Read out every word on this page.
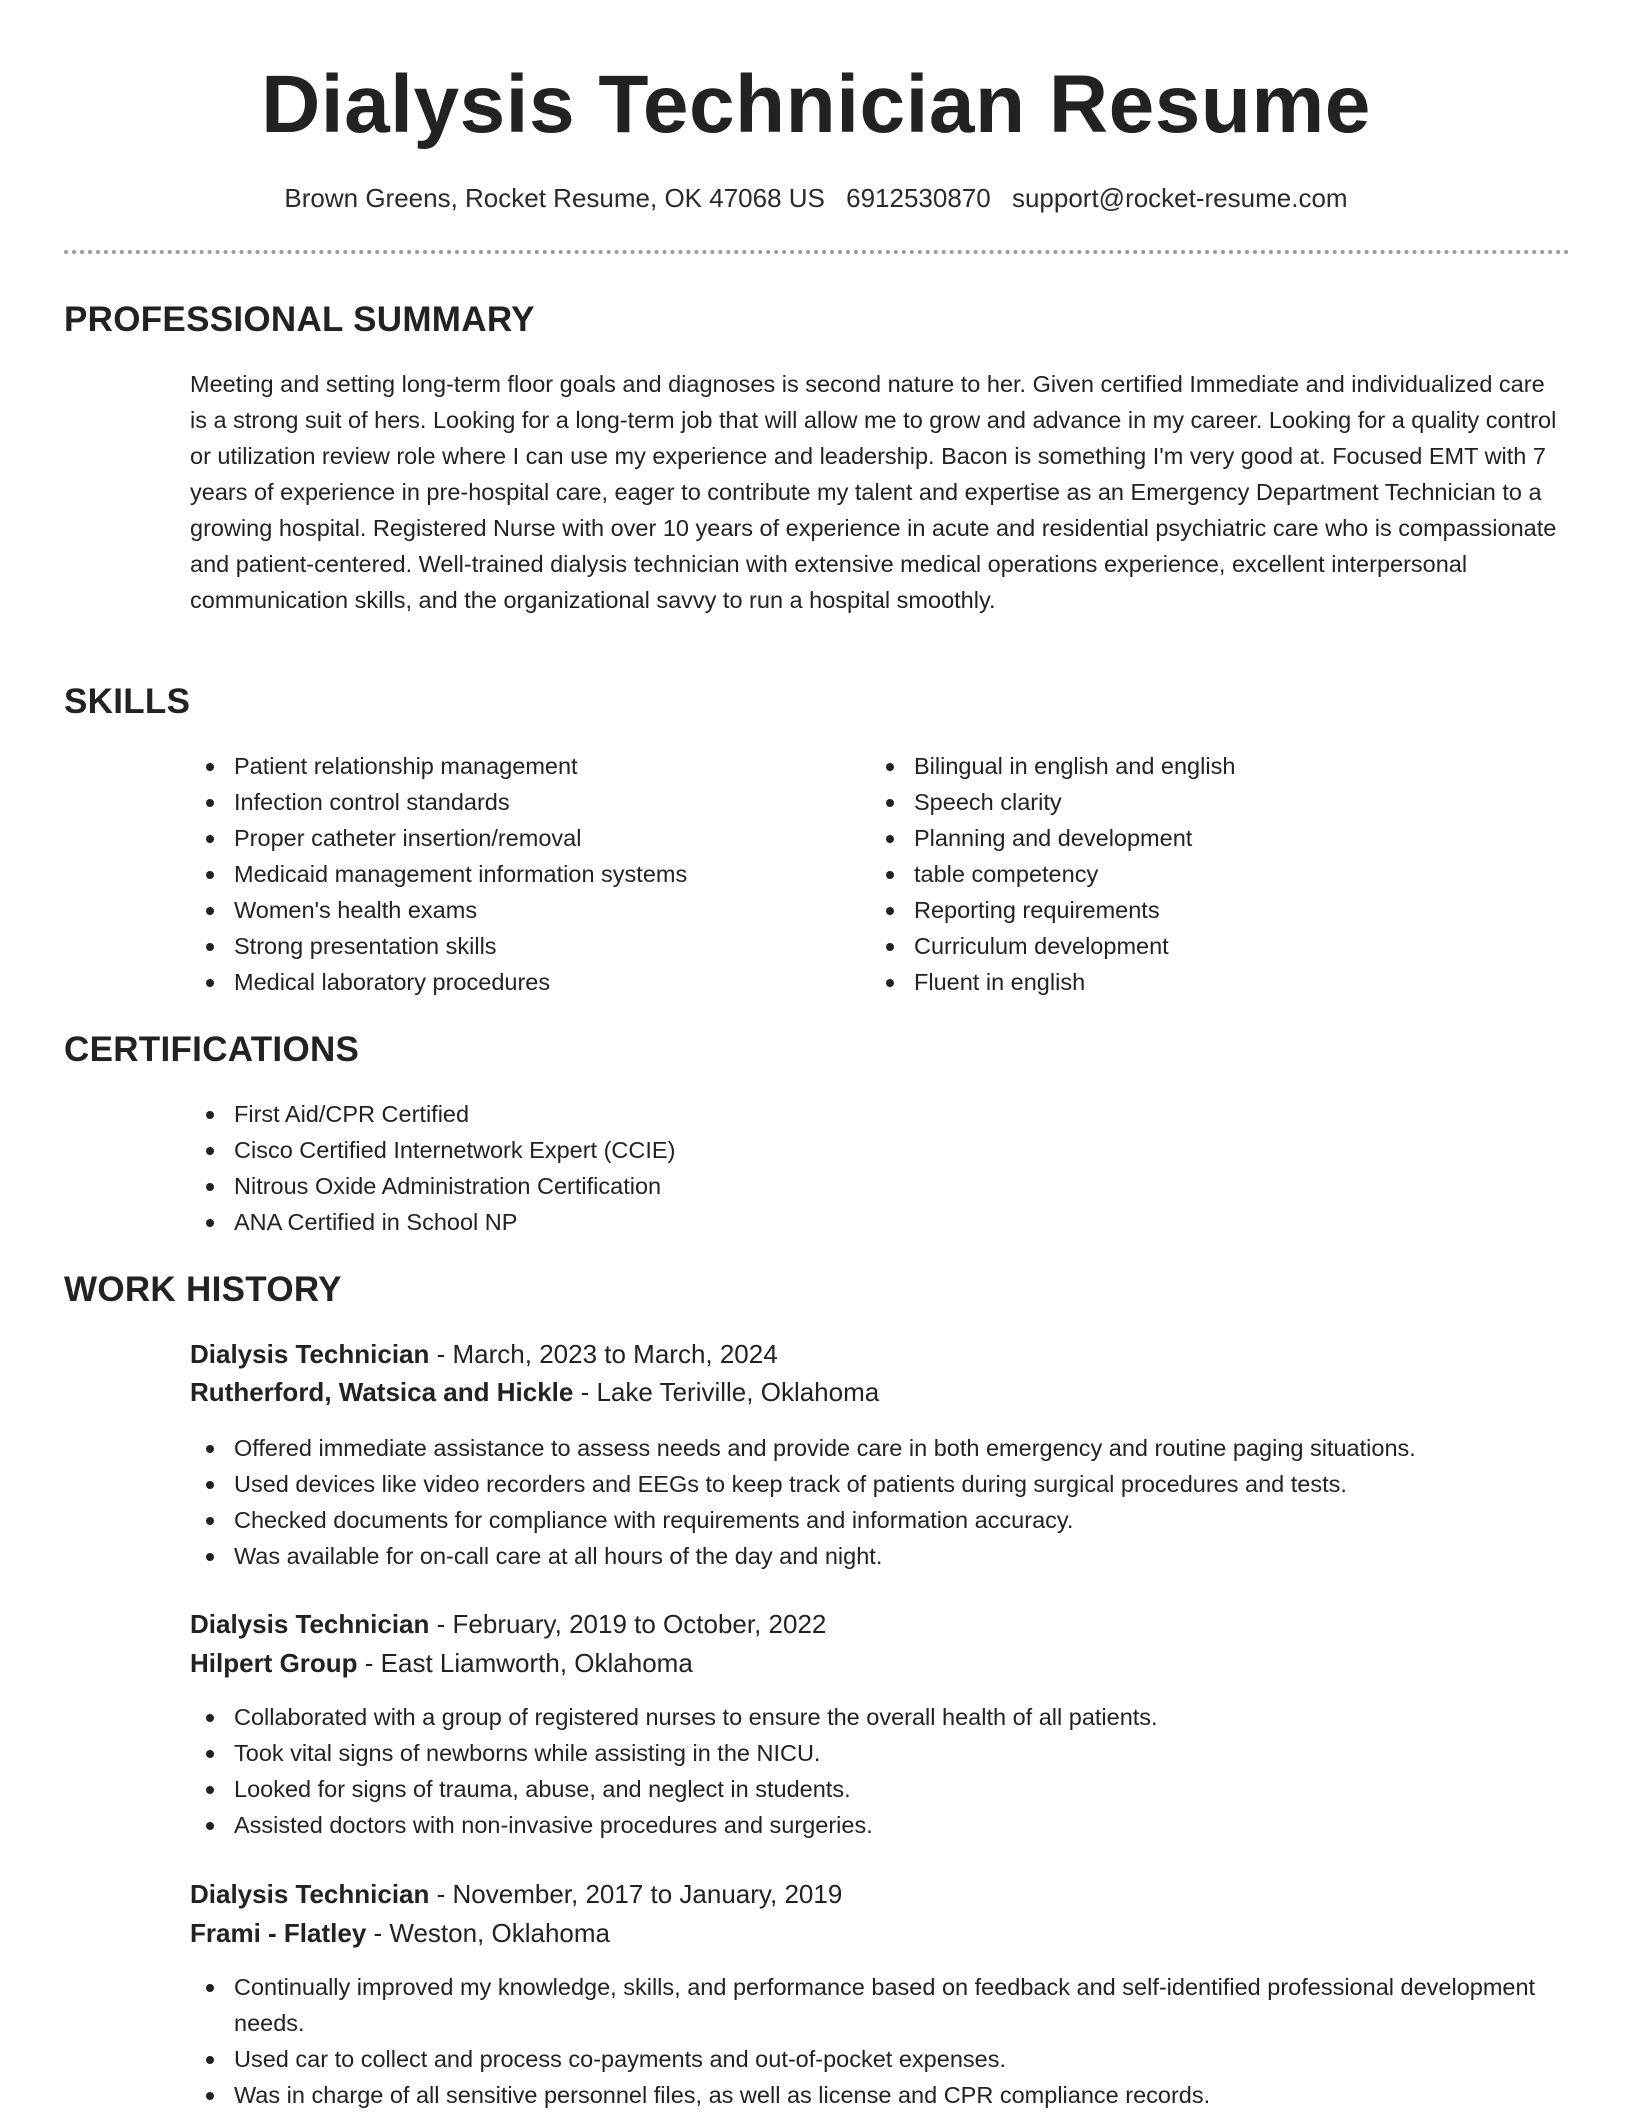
Dialysis Technician Resume
Brown Greens, Rocket Resume, OK 47068 US 6912530870 support@rocket-resume.com
PROFESSIONAL SUMMARY

Meeting and setting long-term floor goals and diagnoses is second nature to her. Given certified Immediate and individualized care is a strong suit of hers. Looking for a long-term job that will allow me to grow and advance in my career. Looking for a quality control or utilization review role where I can use my experience and leadership. Bacon is something I'm very good at. Focused EMT with 7 years of experience in pre-hospital care, eager to contribute my talent and expertise as an Emergency Department Technician to a growing hospital. Registered Nurse with over 10 years of experience in acute and residential psychiatric care who is compassionate and patient-centered. Well-trained dialysis technician with extensive medical operations experience, excellent interpersonal communication skills, and the organizational savvy to run a hospital smoothly.

SKILLS
Patient relationship management
Infection control standards
Proper catheter insertion/removal
Medicaid management information systems
Women's health exams
Strong presentation skills
Medical laboratory procedures
Bilingual in english and english
Speech clarity
Planning and development
table competency
Reporting requirements
Curriculum development
Fluent in english
CERTIFICATIONS
First Aid/CPR Certified
Cisco Certified Internetwork Expert (CCIE)
Nitrous Oxide Administration Certification
ANA Certified in School NP
WORK HISTORY

Dialysis Technician - March, 2023 to March, 2024

Rutherford, Watsica and Hickle - Lake Teriville, Oklahoma

Offered immediate assistance to assess needs and provide care in both emergency and routine paging situations.
Used devices like video recorders and EEGs to keep track of patients during surgical procedures and tests.
Checked documents for compliance with requirements and information accuracy.
Was available for on-call care at all hours of the day and night.

Dialysis Technician - February, 2019 to October, 2022

Hilpert Group - East Liamworth, Oklahoma

Collaborated with a group of registered nurses to ensure the overall health of all patients.
Took vital signs of newborns while assisting in the NICU.
Looked for signs of trauma, abuse, and neglect in students.
Assisted doctors with non-invasive procedures and surgeries.

Dialysis Technician - November, 2017 to January, 2019

Frami - Flatley - Weston, Oklahoma

Continually improved my knowledge, skills, and performance based on feedback and self-identified professional development needs.
Used car to collect and process co-payments and out-of-pocket expenses.
Was in charge of all sensitive personnel files, as well as license and CPR compliance records.
